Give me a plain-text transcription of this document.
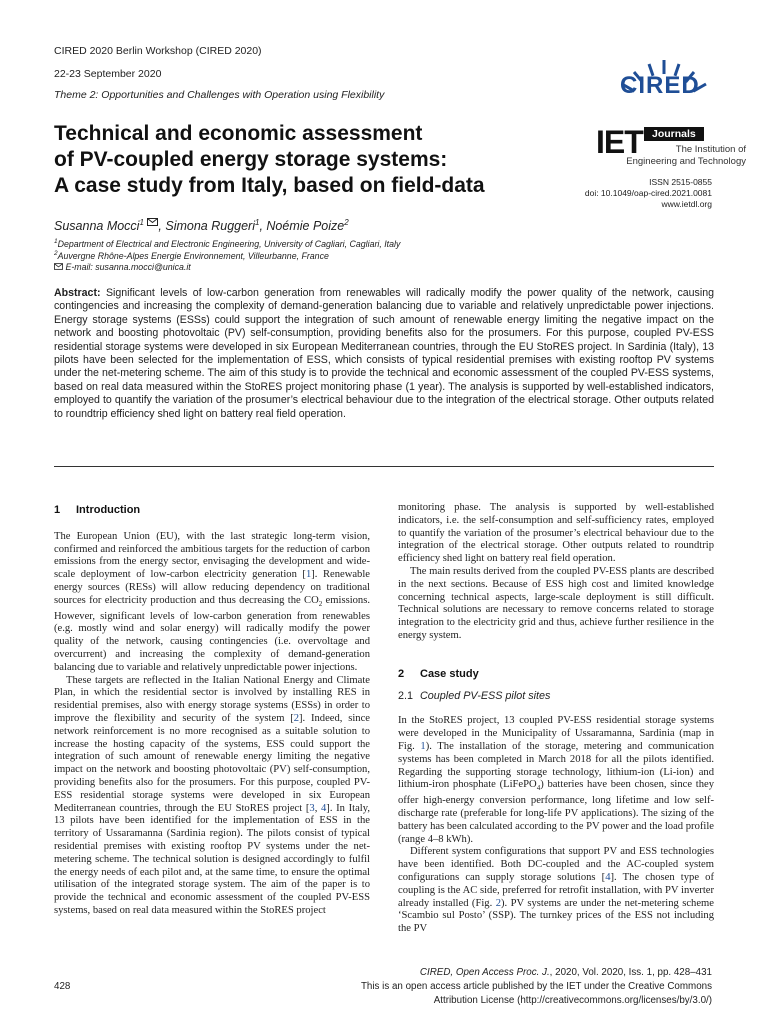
CIRED 2020 Berlin Workshop (CIRED 2020)
22-23 September 2020
Theme 2: Opportunities and Challenges with Operation using Flexibility	CIRED
Technical and economic assessment
of PV-coupled energy storage systems:
A case study from Italy, based on field-data
IET Journals
The Institution of
Engineering and Technology
ISSN 2515-0855
doi: 10.1049/oap-cired.2021.0081
www.ietdl.org
Susanna Mocci$^1$ , Simona Ruggeri$^1$, Noémie Poize$^2$
$^1$Department of Electrical and Electronic Engineering, University of Cagliari, Cagliari, Italy
$^2$Auvergne Rhône-Alpes Energie Environnement, Villeurbanne, France
E-mail: susanna.mocci@unica.it
Abstract: Significant levels of low-carbon generation from renewables will radically modify the power quality of the network, causing contingencies and increasing the complexity of demand-generation balancing due to variable and relatively unpredictable power injections. Energy storage systems (ESSs) could support the integration of such amount of renewable energy limiting the negative impact on the network and boosting photovoltaic (PV) self-consumption, providing benefits also for the prosumers. For this purpose, coupled PV-ESS residential storage systems were developed in six European Mediterranean countries, through the EU StoRES project. In Sardinia (Italy), 13 pilots have been selected for the implementation of ESS, which consists of typical residential premises with existing rooftop PV systems under the net-metering scheme. The aim of this study is to provide the technical and economic assessment of the coupled PV-ESS systems, based on real data measured within the StoRES project monitoring phase (1 year). The analysis is supported by well-established indicators, employed to quantify the variation of the prosumer’s electrical behaviour due to the integration of the electrical storage. Other outputs related to roundtrip efficiency shed light on battery real field operation.
1 Introduction

The European Union (EU), with the last strategic long-term vision, confirmed and reinforced the ambitious targets for the reduction of carbon emissions from the energy sector, envisaging the development and wide-scale deployment of low-carbon electricity generation [1]. Renewable energy sources (RESs) will allow reducing dependency on traditional sources for electricity production and thus decreasing the $CO_2$ emissions. However, significant levels of low-carbon generation from renewables (e.g. mostly wind and solar energy) will radically modify the power quality of the network, causing contingencies (i.e. overvoltage and overcurrent) and increasing the complexity of demand-generation balancing due to variable and relatively unpredictable power injections.

These targets are reflected in the Italian National Energy and Climate Plan, in which the residential sector is involved by installing RES in residential premises, also with energy storage systems (ESSs) in order to improve the flexibility and security of the system [2]. Indeed, since network reinforcement is no more recognised as a suitable solution to increase the hosting capacity of the systems, ESS could support the integration of such amount of renewable energy limiting the negative impact on the network and boosting photovoltaic (PV) self-consumption, providing benefits also for the prosumers. For this purpose, coupled PV-ESS residential storage systems were developed in six European Mediterranean countries, through the EU StoRES project [3, 4]. In Italy, 13 pilots have been identified for the implementation of ESS in the territory of Ussaramanna (Sardinia region). The pilots consist of typical residential premises with existing rooftop PV systems under the net-metering scheme. The technical solution is designed accordingly to fulfil the energy needs of each pilot and, at the same time, to ensure the optimal utilisation of the integrated storage system. The aim of the paper is to provide the technical and economic assessment of the coupled PV-ESS systems, based on real data measured within the StoRES project

monitoring phase. The analysis is supported by well-established indicators, i.e. the self-consumption and self-sufficiency rates, employed to quantify the variation of the prosumer’s electrical behaviour due to the integration of the electrical storage. Other outputs related to roundtrip efficiency shed light on battery real field operation.

The main results derived from the coupled PV-ESS plants are described in the next sections. Because of ESS high cost and limited knowledge concerning technical aspects, large-scale deployment is still difficult. Technical solutions are necessary to remove concerns related to storage integration to the electricity grid and thus, achieve further resilience in the energy system.

2 Case study
2.1 Coupled PV-ESS pilot sites

In the StoRES project, 13 coupled PV-ESS residential storage systems were developed in the Municipality of Ussaramanna, Sardinia (map in Fig. 1). The installation of the storage, metering and communication systems has been completed in March 2018 for all the pilots identified. Regarding the supporting storage technology, lithium-ion (Li-ion) and lithium-iron phosphate (LiFePO$_4$) batteries have been chosen, since they offer high-energy conversion performance, long lifetime and low self-discharge rate (preferable for long-life PV applications). The sizing of the battery has been calculated according to the PV power and the load profile (range 4–8 kWh).

Different system configurations that support PV and ESS technologies have been identified. Both DC-coupled and the AC-coupled system configurations can supply storage solutions [4]. The chosen type of coupling is the AC side, preferred for retrofit installation, with PV inverter already installed (Fig. 2). PV systems are under the net-metering scheme ‘Scambio sul Posto’ (SSP). The turnkey prices of the ESS not including the PV

428
CIRED, Open Access Proc. J., 2020, Vol. 2020, Iss. 1, pp. 428–431
This is an open access article published by the IET under the Creative Commons
Attribution License (http://creativecommons.org/licenses/by/3.0/)
